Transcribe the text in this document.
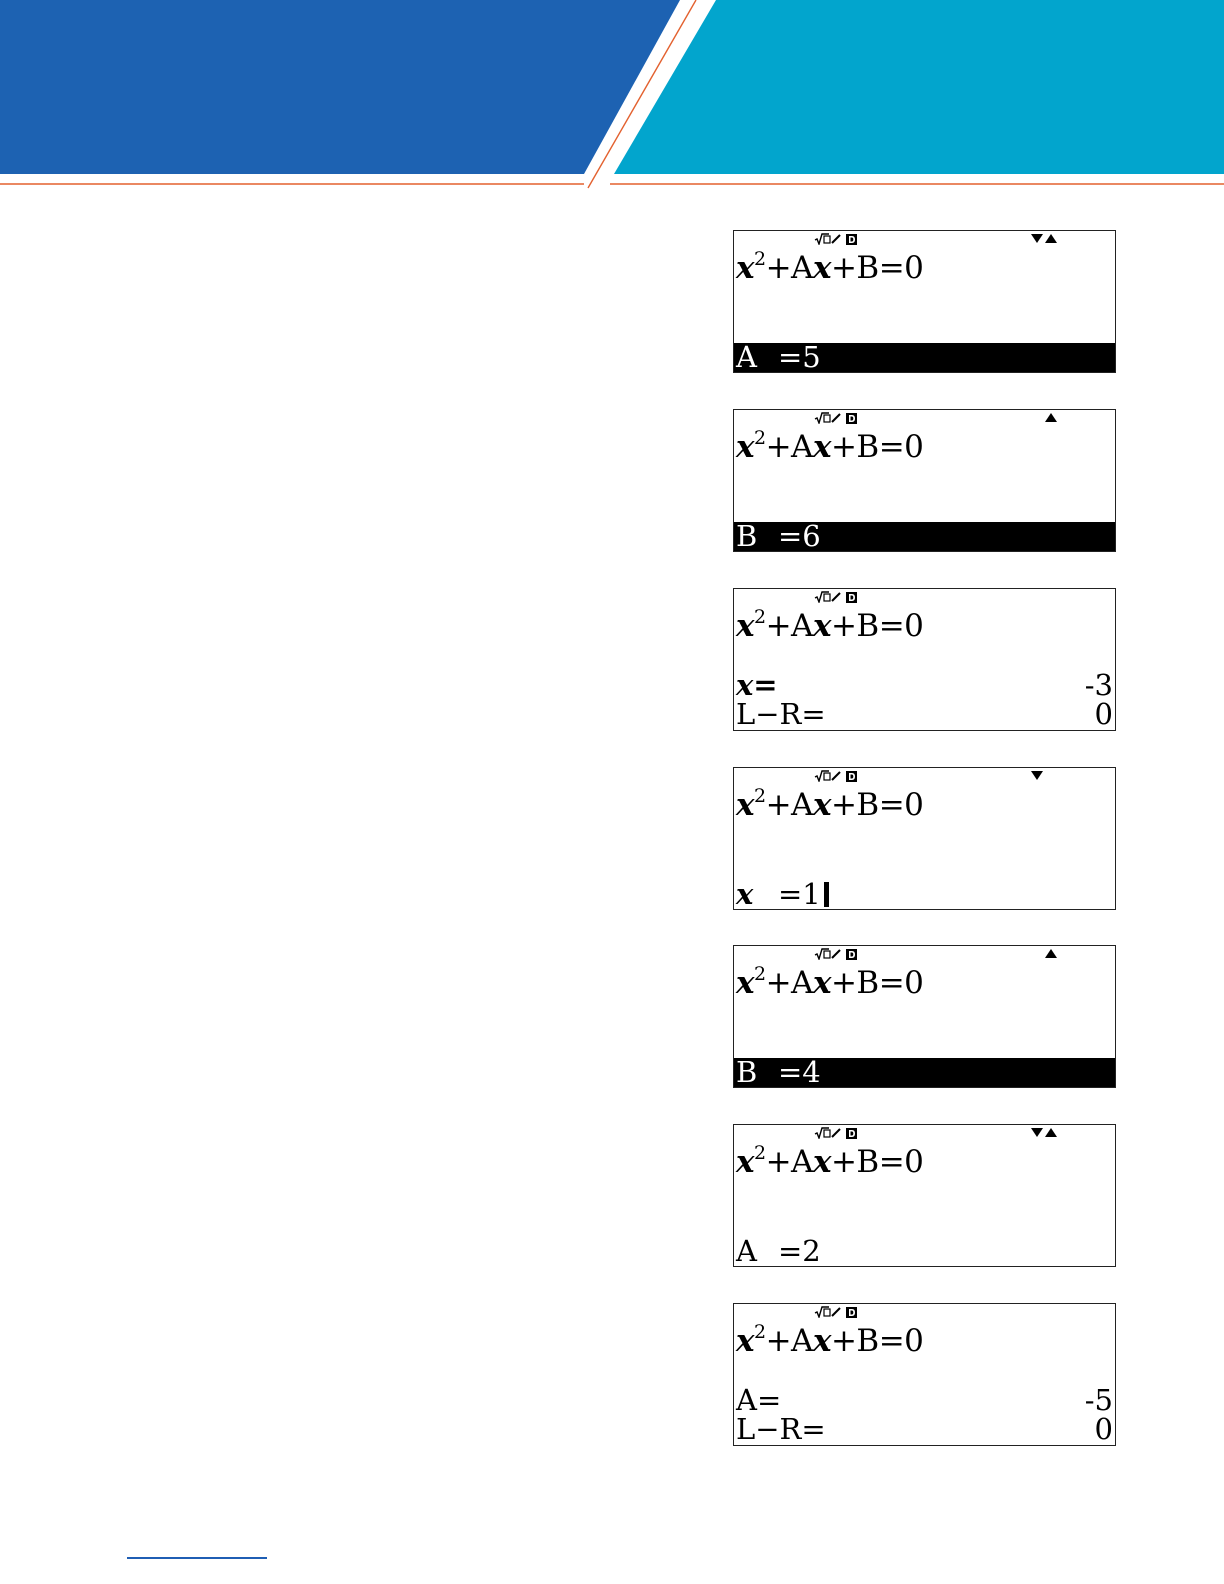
$x^2+Ax+B=0$
A =5
$x^2+Ax+B=0$
B =6
$x^2+Ax+B=0$
x=	-3
L−R=	0
$x^2+Ax+B=0$
x =1
$x^2+Ax+B=0$
B =4
$x^2+Ax+B=0$
A =2
$x^2+Ax+B=0$
A=	-5
L−R=	0
